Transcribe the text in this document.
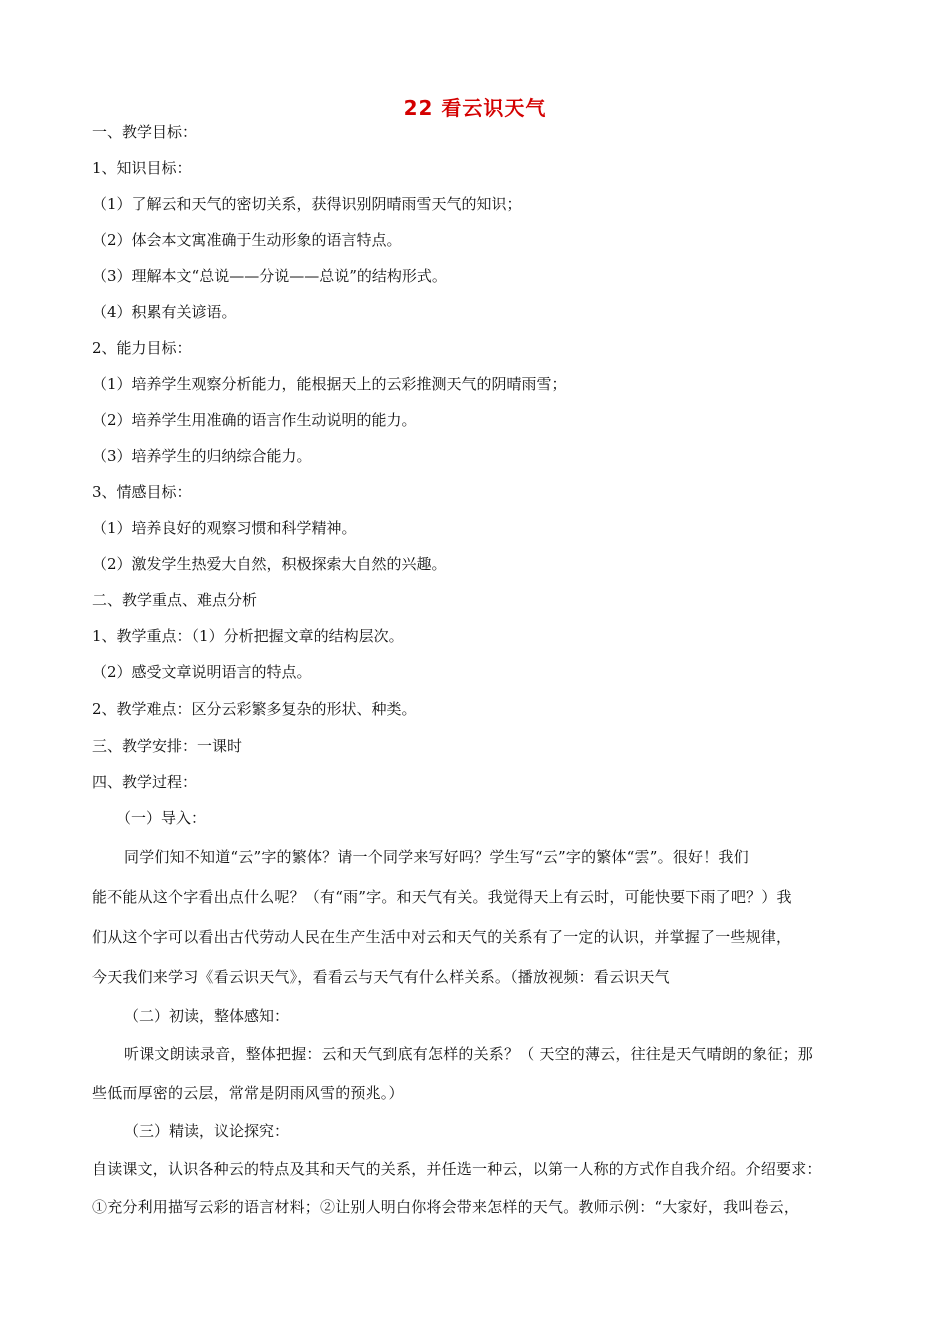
22 看云识天气
一、教学目标：
1、知识目标：
（1）了解云和天气的密切关系，获得识别阴晴雨雪天气的知识；
（2）体会本文寓准确于生动形象的语言特点。
（3）理解本文“总说——分说——总说”的结构形式。
（4）积累有关谚语。
2、能力目标：
（1）培养学生观察分析能力，能根据天上的云彩推测天气的阴晴雨雪；
（2）培养学生用准确的语言作生动说明的能力。
（3）培养学生的归纳综合能力。
3、情感目标：
（1）培养良好的观察习惯和科学精神。
（2）激发学生热爱大自然，积极探索大自然的兴趣。
二、教学重点、难点分析
1、教学重点：（1）分析把握文章的结构层次。
（2）感受文章说明语言的特点。
2、教学难点：区分云彩繁多复杂的形状、种类。
三、教学安排：一课时
四、教学过程：
（一）导入：
同学们知不知道“云”字的繁体？请一个同学来写好吗？学生写“云”字的繁体“雲”。很好！我们
能不能从这个字看出点什么呢？（有“雨”字。和天气有关。我觉得天上有云时，可能快要下雨了吧？）我
们从这个字可以看出古代劳动人民在生产生活中对云和天气的关系有了一定的认识，并掌握了一些规律，
今天我们来学习《看云识天气》，看看云与天气有什么样关系。（播放视频：看云识天气
（二）初读，整体感知：
听课文朗读录音，整体把握：云和天气到底有怎样的关系？（ 天空的薄云，往往是天气晴朗的象征；那
些低而厚密的云层，常常是阴雨风雪的预兆。）
（三）精读，议论探究：
自读课文，认识各种云的特点及其和天气的关系，并任选一种云，以第一人称的方式作自我介绍。介绍要求：
①充分利用描写云彩的语言材料；②让别人明白你将会带来怎样的天气。教师示例：“大家好，我叫卷云，
